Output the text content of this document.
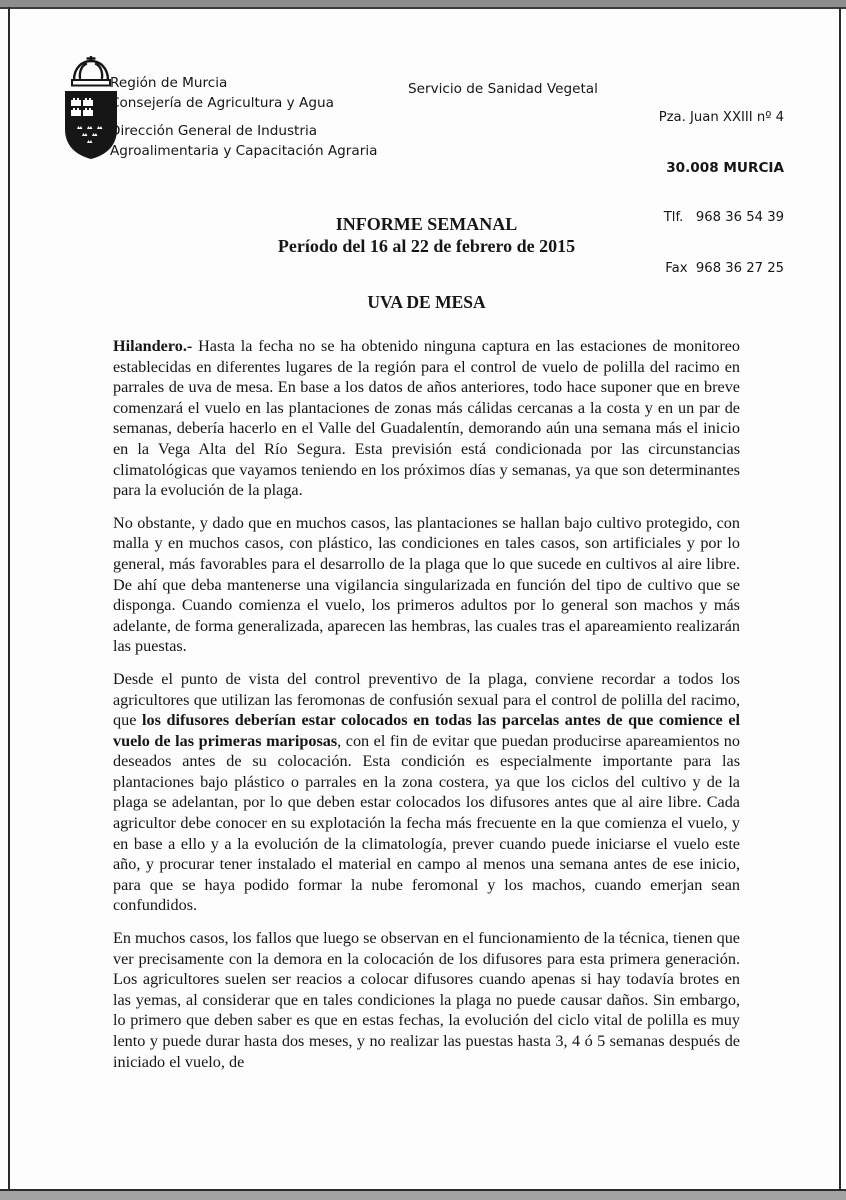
Región de Murcia
Consejería de Agricultura y Agua
Dirección General de Industria
Agroalimentaria y Capacitación Agraria
Servicio de Sanidad Vegetal

Pza. Juan XXIII nº 4

30.008 MURCIA

Tlf.   968 36 54 39

Fax  968 36 27 25

INFORME SEMANAL
Período del 16 al 22 de febrero de 2015
UVA DE MESA

Hilandero.- Hasta la fecha no se ha obtenido ninguna captura en las estaciones de monitoreo establecidas en diferentes lugares de la región para el control de vuelo de polilla del racimo en parrales de uva de mesa. En base a los datos de años anteriores, todo hace suponer que en breve comenzará el vuelo en las plantaciones de zonas más cálidas cercanas a la costa y en un par de semanas, debería hacerlo en el Valle del Guadalentín, demorando aún una semana más el inicio en la Vega Alta del Río Segura. Esta previsión está condicionada por las circunstancias climatológicas que vayamos teniendo en los próximos días y semanas, ya que son determinantes para la evolución de la plaga.

No obstante, y dado que en muchos casos, las plantaciones se hallan bajo cultivo protegido, con malla y en muchos casos, con plástico, las condiciones en tales casos, son artificiales y por lo general, más favorables para el desarrollo de la plaga que lo que sucede en cultivos al aire libre. De ahí que deba mantenerse una vigilancia singularizada en función del tipo de cultivo que se disponga. Cuando comienza el vuelo, los primeros adultos por lo general son machos y más adelante, de forma generalizada, aparecen las hembras, las cuales tras el apareamiento realizarán las puestas.

Desde el punto de vista del control preventivo de la plaga, conviene recordar a todos los agricultores que utilizan las feromonas de confusión sexual para el control de polilla del racimo, que los difusores deberían estar colocados en todas las parcelas antes de que comience el vuelo de las primeras mariposas, con el fin de evitar que puedan producirse apareamientos no deseados antes de su colocación. Esta condición es especialmente importante para las plantaciones bajo plástico o parrales en la zona costera, ya que los ciclos del cultivo y de la plaga se adelantan, por lo que deben estar colocados los difusores antes que al aire libre. Cada agricultor debe conocer en su explotación la fecha más frecuente en la que comienza el vuelo, y en base a ello y a la evolución de la climatología, prever cuando puede iniciarse el vuelo este año, y procurar tener instalado el material en campo al menos una semana antes de ese inicio, para que se haya podido formar la nube feromonal y los machos, cuando emerjan sean confundidos.

En muchos casos, los fallos que luego se observan en el funcionamiento de la técnica, tienen que ver precisamente con la demora en la colocación de los difusores para esta primera generación. Los agricultores suelen ser reacios a colocar difusores cuando apenas si hay todavía brotes en las yemas, al considerar que en tales condiciones la plaga no puede causar daños. Sin embargo, lo primero que deben saber es que en estas fechas, la evolución del ciclo vital de polilla es muy lento y puede durar hasta dos meses, y no realizar las puestas hasta 3, 4 ó 5 semanas después de iniciado el vuelo, de
